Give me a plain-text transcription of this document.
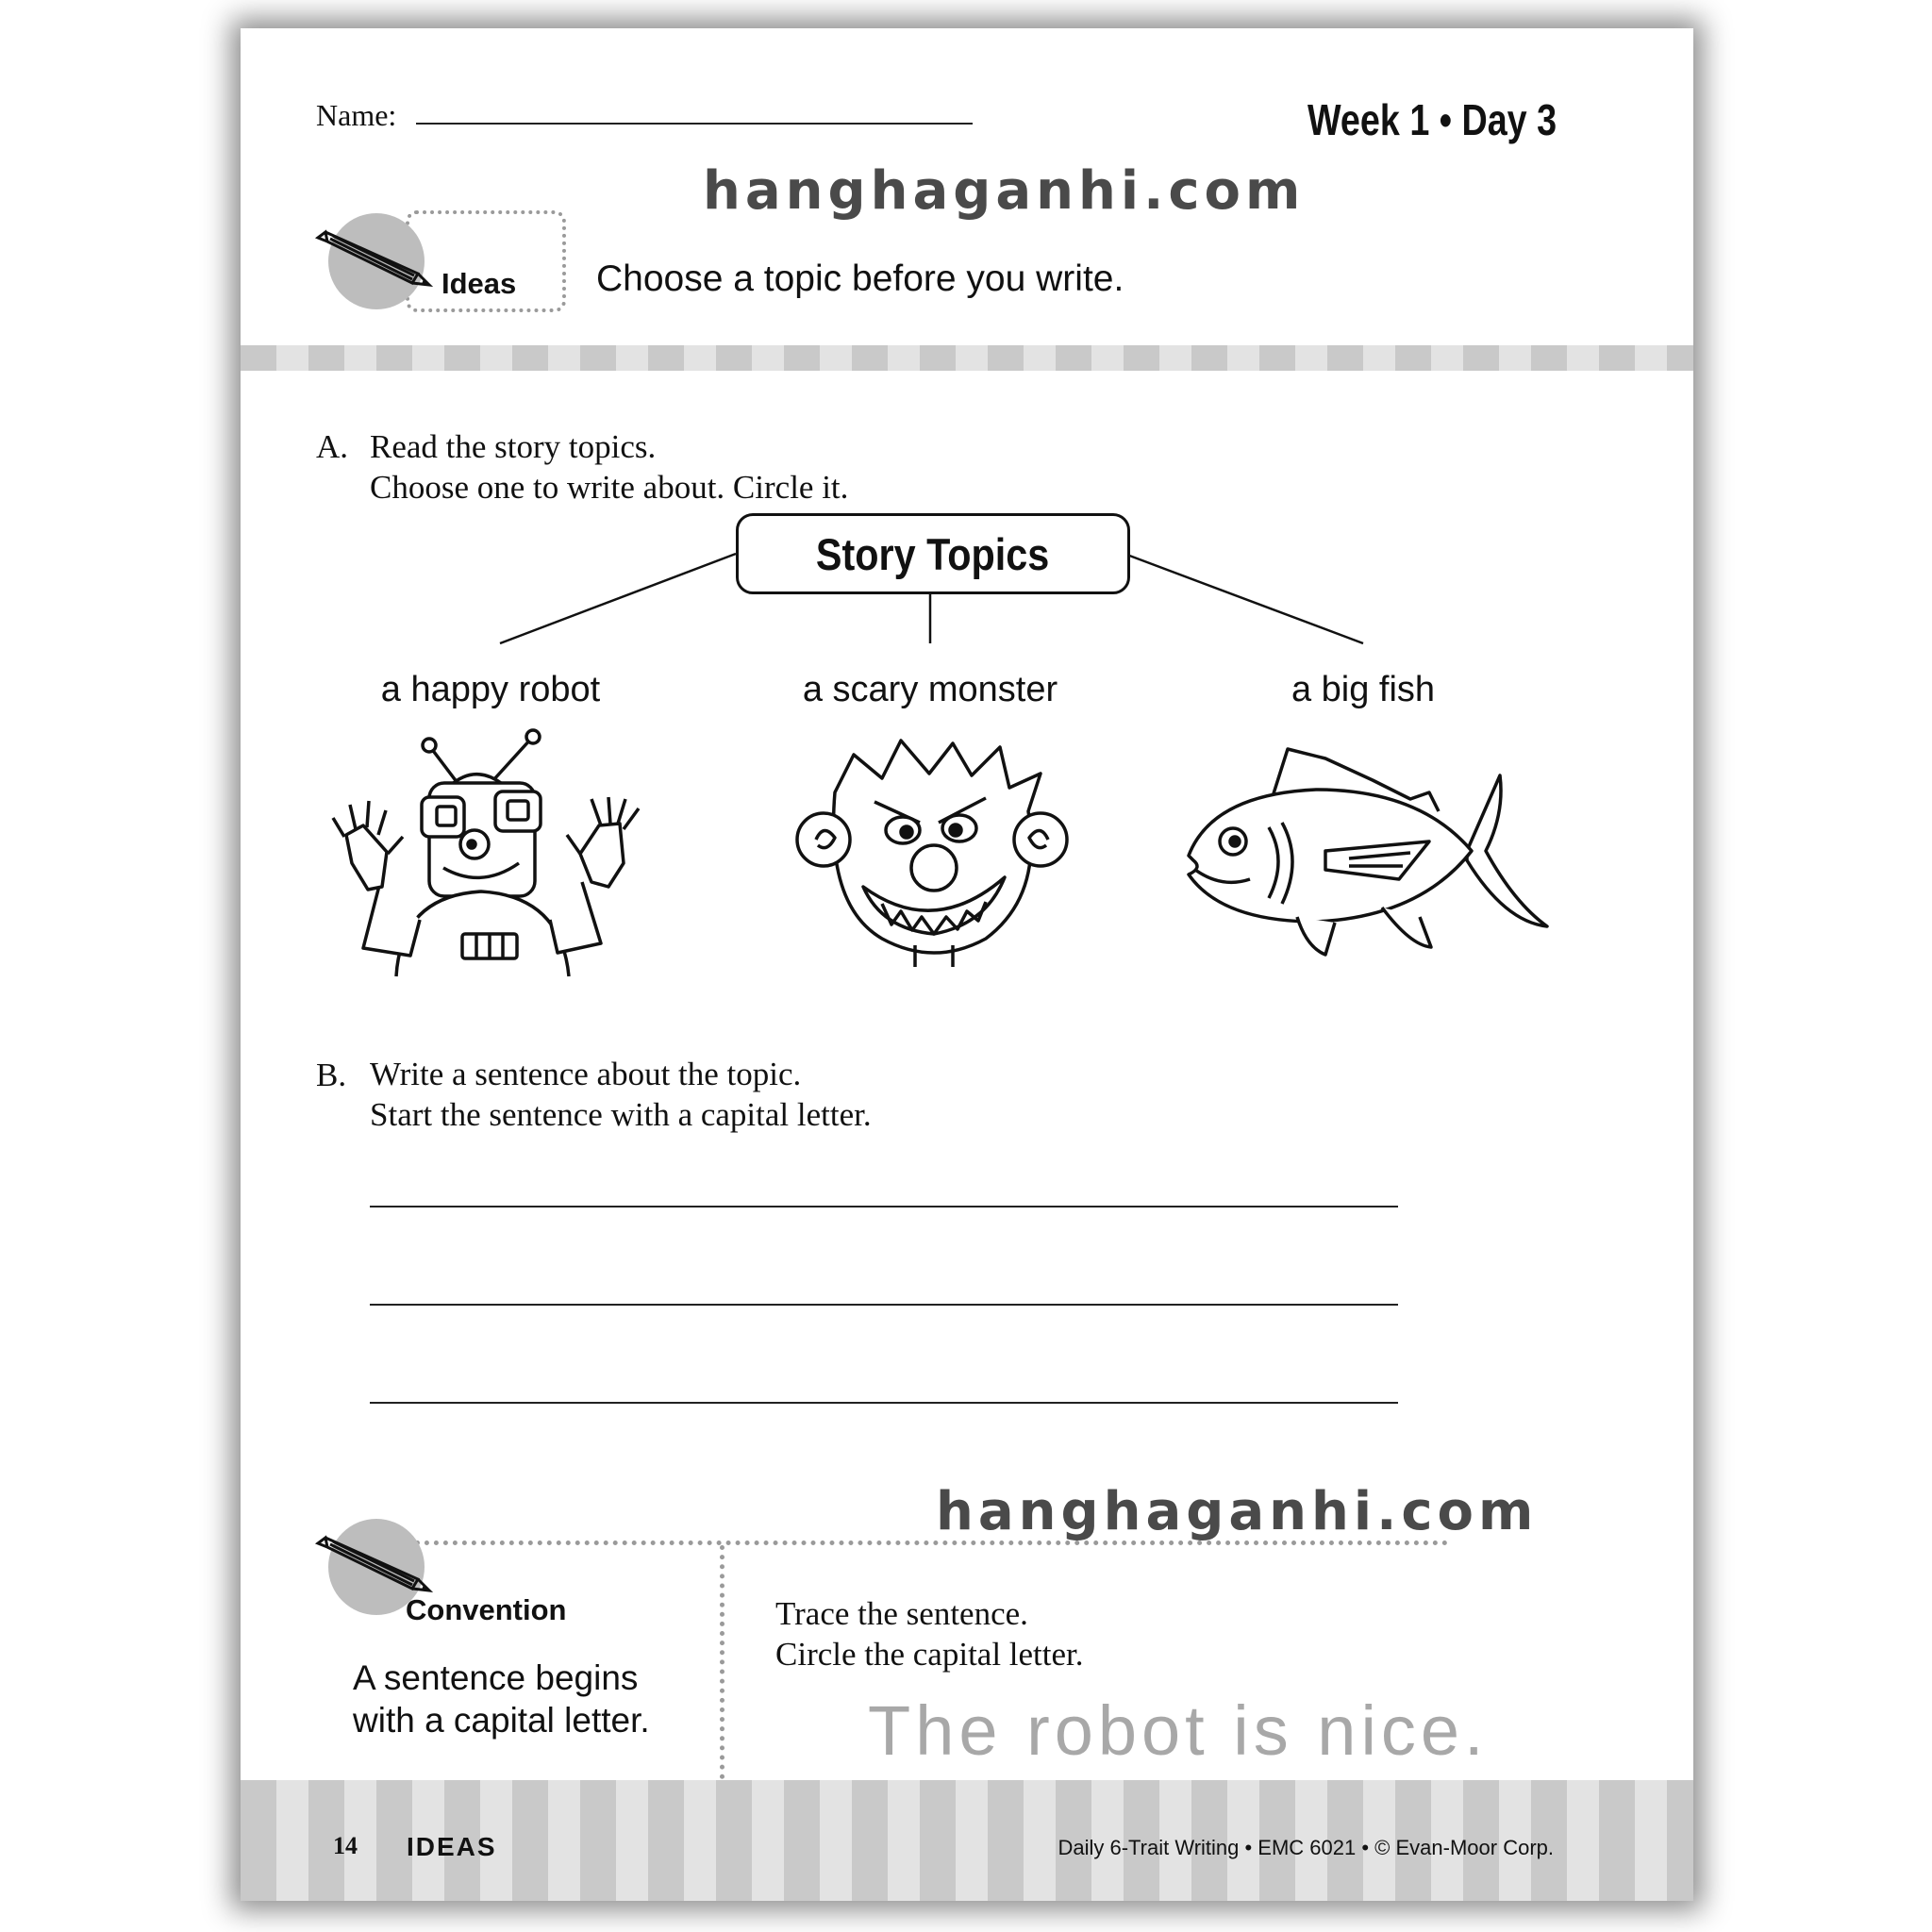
Name:	Week 1 • Day 3
hanghaganhi.com
Ideas Choose a topic before you write.
A. Read the story topics.
Choose one to write about. Circle it.
Story Topics
a happy robot	a scary monster	a big fish
B. Write a sentence about the topic.
Start the sentence with a capital letter.
hanghaganhi.com
Convention
A sentence begins
with a capital letter.
Trace the sentence.
Circle the capital letter.
The robot is nice.
14 IDEAS	Daily 6-Trait Writing • EMC 6021 • © Evan-Moor Corp.
